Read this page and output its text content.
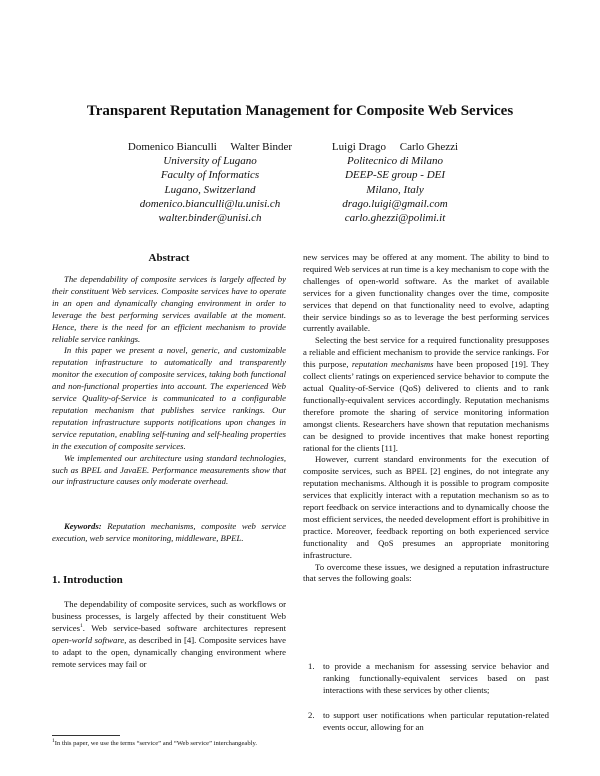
Transparent Reputation Management for Composite Web Services
Domenico Bianculli     Walter Binder
University of Lugano
Faculty of Informatics
Lugano, Switzerland
domenico.bianculli@lu.unisi.ch
walter.binder@unisi.ch
Luigi Drago     Carlo Ghezzi
Politecnico di Milano
DEEP-SE group - DEI
Milano, Italy
drago.luigi@gmail.com
carlo.ghezzi@polimi.it
Abstract

The dependability of composite services is largely affected by their constituent Web services. Composite services have to operate in an open and dynamically changing environment in order to leverage the best performing services available at the moment. Hence, there is the need for an efficient mechanism to provide reliable service rankings.

In this paper we present a novel, generic, and customizable reputation infrastructure to automatically and transparently monitor the execution of composite services, taking both functional and non-functional properties into account. The experienced Web service Quality-of-Service is communicated to a configurable reputation mechanism that publishes service rankings. Our reputation infrastructure supports notifications upon changes in service reputation, enabling self-tuning and self-healing properties in the execution of composite services.

We implemented our architecture using standard technologies, such as BPEL and JavaEE. Performance measurements show that our infrastructure causes only moderate overhead.

Keywords: Reputation mechanisms, composite web service execution, web service monitoring, middleware, BPEL.

1. Introduction

The dependability of composite services, such as workflows or business processes, is largely affected by their constituent Web services$^1$. Web service-based software architectures represent open-world software, as described in [4]. Composite services have to adapt to the open, dynamically changing environment where remote services may fail or

$^1$In this paper, we use the terms “service” and “Web service” interchangeably.

new services may be offered at any moment. The ability to bind to required Web services at run time is a key mechanism to cope with the challenges of open-world software. As the market of available services for a given functionality changes over the time, composite services that depend on that functionality need to evolve, adapting their service bindings so as to leverage the best performing services currently available.

Selecting the best service for a required functionality presupposes a reliable and efficient mechanism to provide the service rankings. For this purpose, reputation mechanisms have been proposed [19]. They collect clients’ ratings on experienced service behavior to compute the actual Quality-of-Service (QoS) delivered to clients and to rank functionally-equivalent services accordingly. Reputation mechanisms therefore promote the sharing of service monitoring information amongst clients. Researchers have shown that reputation mechanisms can be designed to provide incentives that make honest reporting rational for the clients [11].

However, current standard environments for the execution of composite services, such as BPEL [2] engines, do not integrate any reputation mechanisms. Although it is possible to program composite services that explicitly interact with a reputation mechanism so as to report feedback on service interactions and to dynamically choose the most efficient services, the needed development effort is prohibitive in practice. Moreover, feedback reporting on both experienced service functionality and QoS presumes an appropriate monitoring infrastructure.

To overcome these issues, we designed a reputation infrastructure that serves the following goals:

1. to provide a mechanism for assessing service behavior and ranking functionally-equivalent services based on past interactions with these services by other clients;
2. to support user notifications when particular reputation-related events occur, allowing for an
